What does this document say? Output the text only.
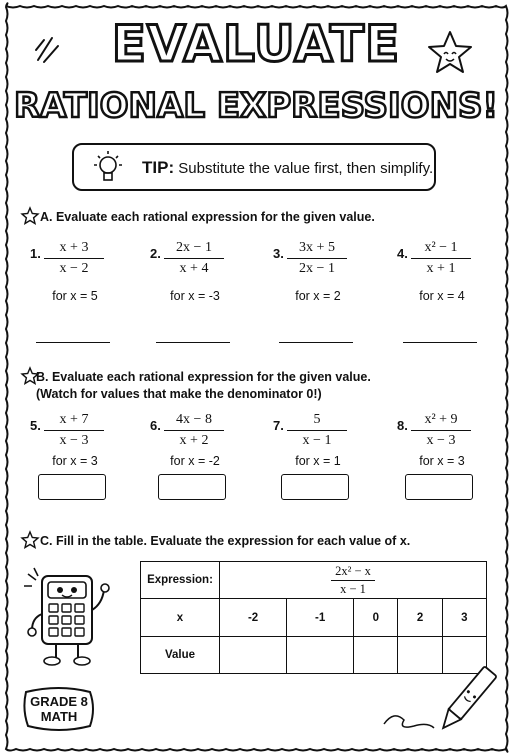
EVALUATE
RATIONAL EXPRESSIONS!
TIP: Substitute the value first, then simplify.
A. Evaluate each rational expression for the given value.
1. $\frac{x + 3}{x - 2}$
for x = 5
2. $\frac{2x - 1}{x + 4}$
for x = -3
3. $\frac{3x + 5}{2x - 1}$
for x = 2
4. $\frac{\text{x² − 1}}{x + 1}$
for x = 4
B. Evaluate each rational expression for the given value.
(Watch for values that make the denominator 0!)
5. $\frac{x + 7}{x - 3}$
for x = 3
6. $\frac{4x - 8}{x + 2}$
for x = -2
7. $\frac{5}{x - 1}$
for x = 1
8. $\frac{\text{x² + 9}}{x - 3}$
for x = 3
C. Fill in the table. Evaluate the expression for each value of x.
Expression:	$\frac{\text{2x² − x}}{x - 1}$

x	-2	-1	0	2	3
Value					
GRADE 8
MATH
